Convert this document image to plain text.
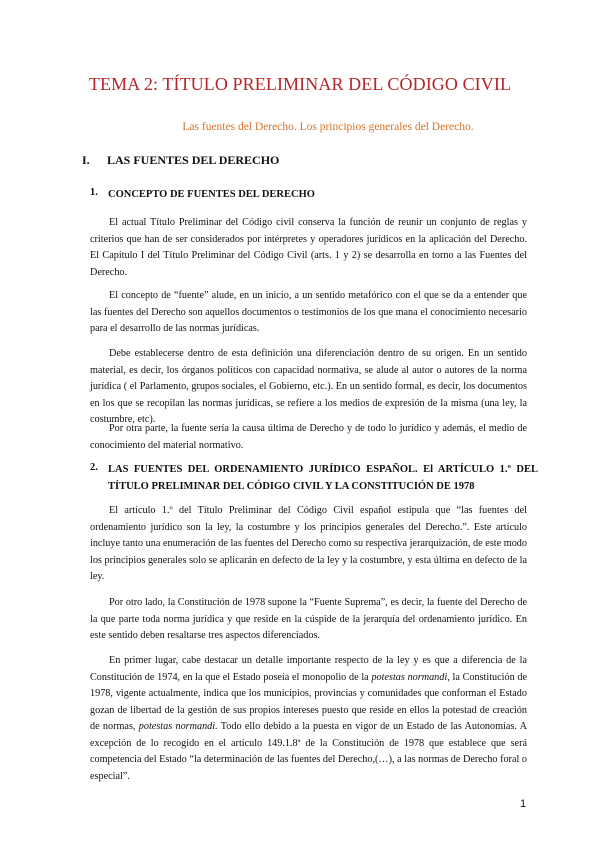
TEMA 2: TÍTULO PRELIMINAR DEL CÓDIGO CIVIL
Las fuentes del Derecho. Los principios generales del Derecho.
I. LAS FUENTES DEL DERECHO
1. CONCEPTO DE FUENTES DEL DERECHO

El actual Título Preliminar del Código civil conserva la función de reunir un conjunto de reglas y criterios que han de ser considerados por intérpretes y operadores jurídicos en la aplicación del Derecho. El Capítulo I del Título Preliminar del Código Civil (arts. 1 y 2) se desarrolla en torno a las Fuentes del Derecho.

El concepto de “fuente” alude, en un inicio, a un sentido metafórico con el que se da a entender que las fuentes del Derecho son aquellos documentos o testimonios de los que mana el conocimiento necesario para el desarrollo de las normas jurídicas.

Debe establecerse dentro de esta definición una diferenciación dentro de su origen. En un sentido material, es decir, los órganos políticos con capacidad normativa, se alude al autor o autores de la norma jurídica ( el Parlamento, grupos sociales, el Gobierno, etc.). En un sentido formal, es decir, los documentos en los que se recopilan las normas jurídicas, se refiere a los medios de expresión de la misma (una ley, la costumbre, etc).

Por otra parte, la fuente sería la causa última de Derecho y de todo lo jurídico y además, el medio de conocimiento del material normativo.

2. LAS FUENTES DEL ORDENAMIENTO JURÍDICO ESPAÑOL. El ARTÍCULO 1.º DEL TÍTULO PRELIMINAR DEL CÓDIGO CIVIL Y LA CONSTITUCIÓN DE 1978

El artículo 1.º del Título Preliminar del Código Civil español estipula que “las fuentes del ordenamiento jurídico son la ley, la costumbre y los principios generales del Derecho.”. Este artículo incluye tanto una enumeración de las fuentes del Derecho como su respectiva jerarquización, de este modo los principios generales solo se aplicarán en defecto de la ley y la costumbre, y esta última en defecto de la ley.

Por otro lado, la Constitución de 1978 supone la “Fuente Suprema”, es decir, la fuente del Derecho de la que parte toda norma jurídica y que reside en la cúspide de la jerarquía del ordenamiento jurídico. En este sentido deben resaltarse tres aspectos diferenciados.

En primer lugar, cabe destacar un detalle importante respecto de la ley y es que a diferencia de la Constitución de 1974, en la que el Estado poseía el monopolio de la potestas normandi, la Constitución de 1978, vigente actualmente, indica que los municipios, provincias y comunidades que conforman el Estado gozan de libertad de la gestión de sus propios intereses puesto que reside en ellos la potestad de creación de normas, potestas normandi. Todo ello debido a la puesta en vigor de un Estado de las Autonomías. A excepción de lo recogido en el artículo 149.1.8ª de la Constitución de 1978 que establece que será competencia del Estado “la determinación de las fuentes del Derecho,(…), a las normas de Derecho foral o especial”.

1
